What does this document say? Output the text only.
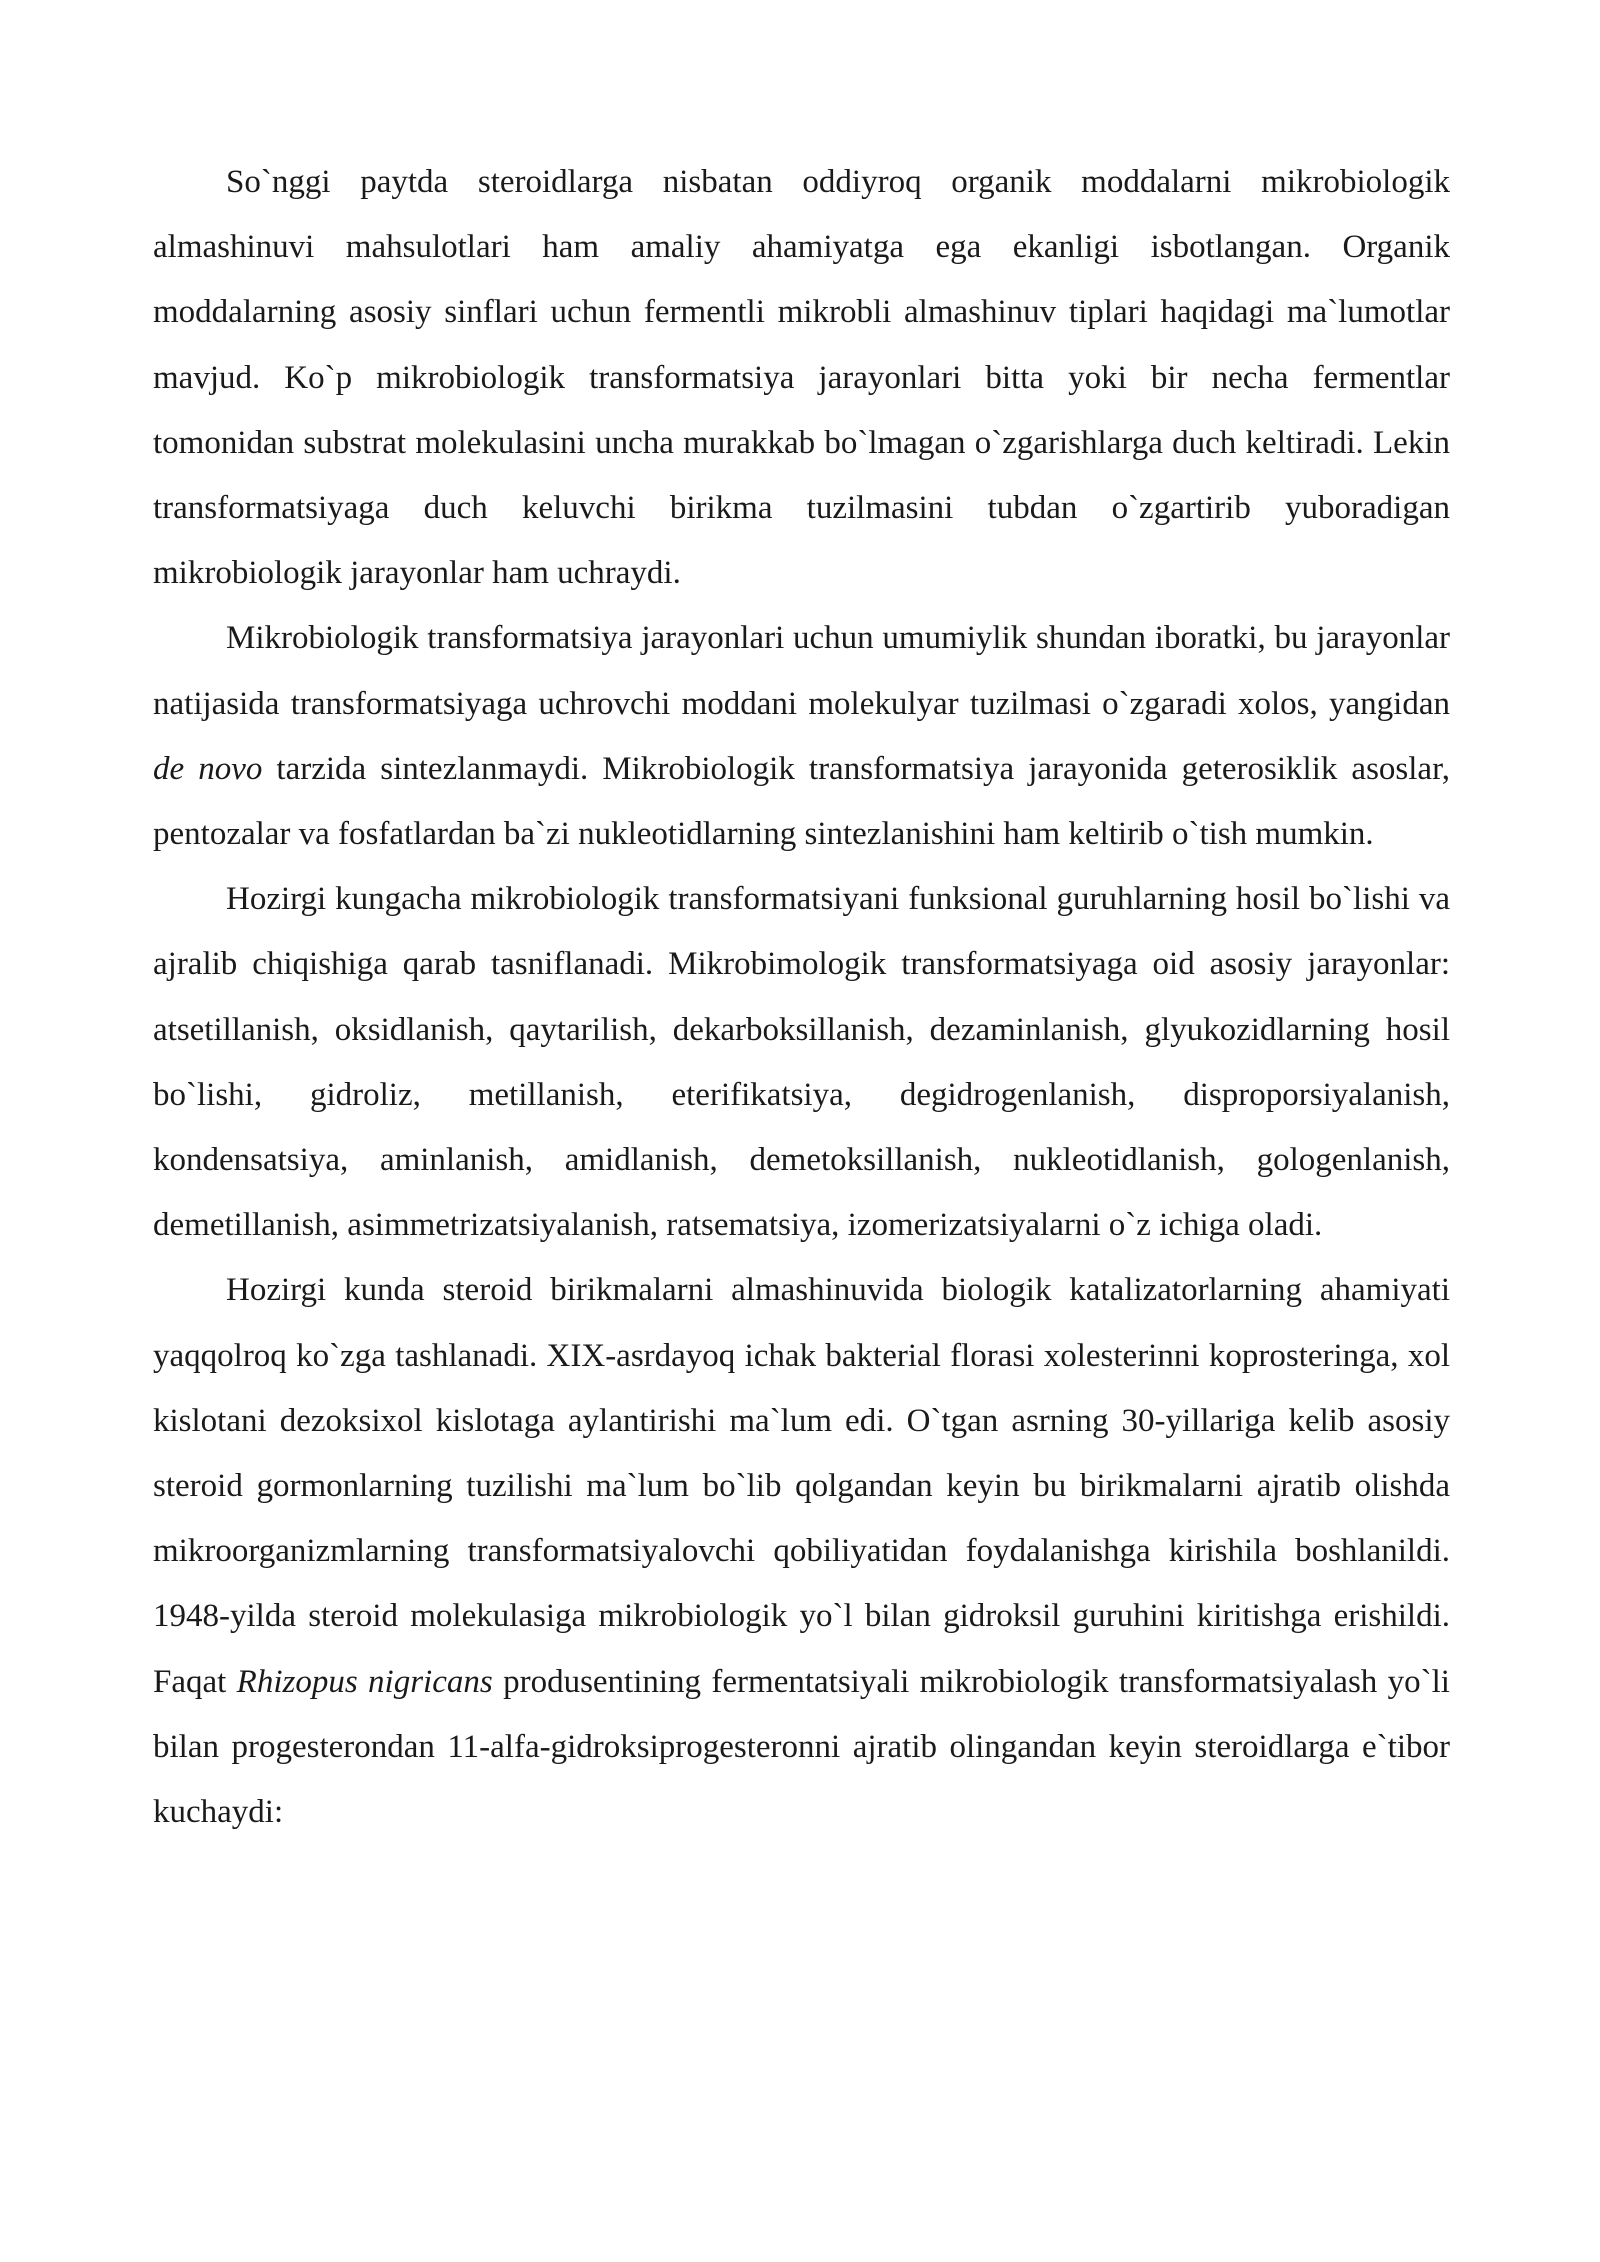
So`nggi paytda steroidlarga nisbatan oddiyroq organik moddalarni mikrobiologik almashinuvi mahsulotlari ham amaliy ahamiyatga ega ekanligi isbotlangan. Organik moddalarning asosiy sinflari uchun fermentli mikrobli almashinuv tiplari haqidagi ma`lumotlar mavjud. Ko`p mikrobiologik transformatsiya jarayonlari bitta yoki bir necha fermentlar tomonidan substrat molekulasini uncha murakkab bo`lmagan o`zgarishlarga duch keltiradi. Lekin transformatsiyaga duch keluvchi birikma tuzilmasini tubdan o`zgartirib yuboradigan mikrobiologik jarayonlar ham uchraydi.

Mikrobiologik transformatsiya jarayonlari uchun umumiylik shundan iboratki, bu jarayonlar natijasida transformatsiyaga uchrovchi moddani molekulyar tuzilmasi o`zgaradi xolos, yangidan de novo tarzida sintezlanmaydi. Mikrobiologik transformatsiya jarayonida geterosiklik asoslar, pentozalar va fosfatlardan ba`zi nukleotidlarning sintezlanishini ham keltirib o`tish mumkin.

Hozirgi kungacha mikrobiologik transformatsiyani funksional guruhlarning hosil bo`lishi va ajralib chiqishiga qarab tasniflanadi. Mikrobimologik transformatsiyaga oid asosiy jarayonlar: atsetillanish, oksidlanish, qaytarilish, dekarboksillanish, dezaminlanish, glyukozidlarning hosil bo`lishi, gidroliz, metillanish, eterifikatsiya, degidrogenlanish, disproporsiyalanish, kondensatsiya, aminlanish, amidlanish, demetoksillanish, nukleotidlanish, gologenlanish, demetillanish, asimmetrizatsiyalanish, ratsematsiya, izomerizatsiyalarni o`z ichiga oladi.

Hozirgi kunda steroid birikmalarni almashinuvida biologik katalizatorlarning ahamiyati yaqqolroq ko`zga tashlanadi. XIX-asrdayoq ichak bakterial florasi xolesterinni koprosteringa, xol kislotani dezoksixol kislotaga aylantirishi ma`lum edi. O`tgan asrning 30-yillariga kelib asosiy steroid gormonlarning tuzilishi ma`lum bo`lib qolgandan keyin bu birikmalarni ajratib olishda mikroorganizmlarning transformatsiyalovchi qobiliyatidan foydalanishga kirishila boshlanildi. 1948-yilda steroid molekulasiga mikrobiologik yo`l bilan gidroksil guruhini kiritishga erishildi. Faqat Rhizopus nigricans produsentining fermentatsiyali mikrobiologik transformatsiyalash yo`li bilan progesterondan 11-alfa-gidroksiprogesteronni ajratib olingandan keyin steroidlarga e`tibor kuchaydi:
